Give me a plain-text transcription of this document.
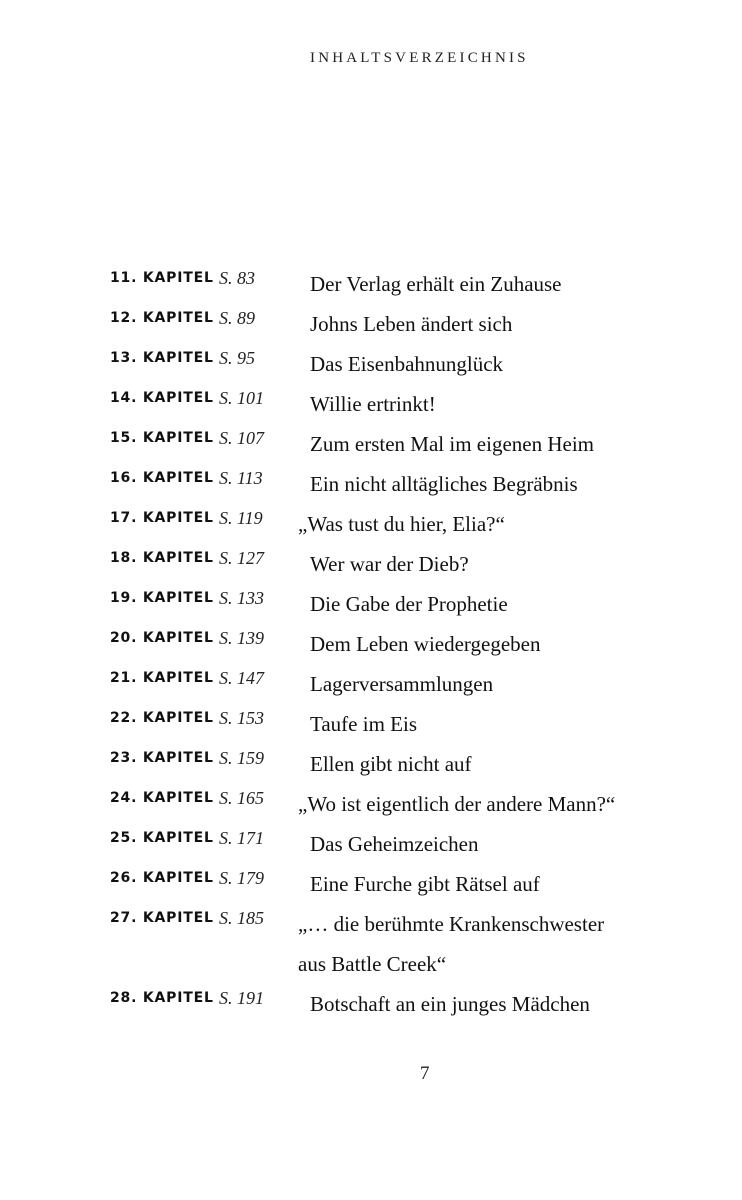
INHALTSVERZEICHNIS
11. KAPITEL S. 83	Der Verlag erhält ein Zuhause
12. KAPITEL S. 89	Johns Leben ändert sich
13. KAPITEL S. 95	Das Eisenbahnunglück
14. KAPITEL S. 101 Willie ertrinkt!
15. KAPITEL S. 107 Zum ersten Mal im eigenen Heim
16. KAPITEL S. 113 Ein nicht alltägliches Begräbnis
17. KAPITEL S. 119 „Was tust du hier, Elia?“
18. KAPITEL S. 127 Wer war der Dieb?
19. KAPITEL S. 133 Die Gabe der Prophetie
20. KAPITEL S. 139 Dem Leben wiedergegeben
21. KAPITEL S. 147 Lagerversammlungen
22. KAPITEL S. 153 Taufe im Eis
23. KAPITEL S. 159 Ellen gibt nicht auf
24. KAPITEL S. 165 „Wo ist eigentlich der andere Mann?“
25. KAPITEL S. 171 Das Geheimzeichen
26. KAPITEL S. 179 Eine Furche gibt Rätsel auf
27. KAPITEL S. 185 „… die berühmte Krankenschwester
aus Battle Creek“
28. KAPITEL S. 191 Botschaft an ein junges Mädchen
7
